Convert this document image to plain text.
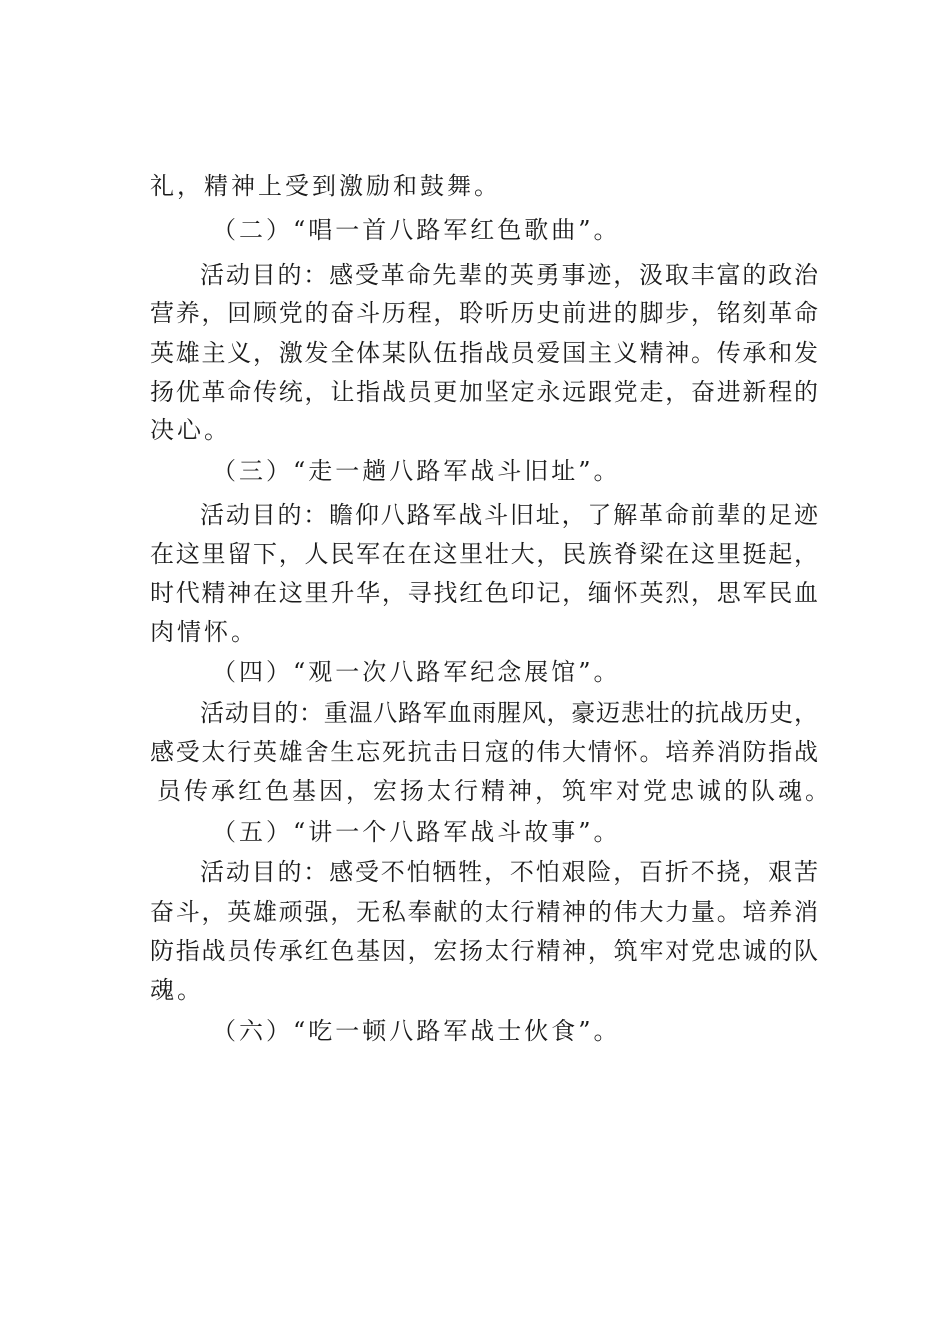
礼，精神上受到激励和鼓舞。
（二）“唱一首八路军红色歌曲”。
活动目的：感受革命先辈的英勇事迹，汲取丰富的政治
营养，回顾党的奋斗历程，聆听历史前进的脚步，铭刻革命
英雄主义，激发全体某队伍指战员爱国主义精神。传承和发
扬优革命传统，让指战员更加坚定永远跟党走，奋进新程的
决心。
（三）“走一趟八路军战斗旧址”。
活动目的：瞻仰八路军战斗旧址，了解革命前辈的足迹
在这里留下，人民军在在这里壮大，民族脊梁在这里挺起，
时代精神在这里升华，寻找红色印记，缅怀英烈，思军民血
肉情怀。
（四）“观一次八路军纪念展馆”。
活动目的：重温八路军血雨腥风，豪迈悲壮的抗战历史，
感受太行英雄舍生忘死抗击日寇的伟大情怀。培养消防指战
员传承红色基因，宏扬太行精神，筑牢对党忠诚的队魂。
（五）“讲一个八路军战斗故事”。
活动目的：感受不怕牺牲，不怕艰险，百折不挠，艰苦
奋斗，英雄顽强，无私奉献的太行精神的伟大力量。培养消
防指战员传承红色基因，宏扬太行精神，筑牢对党忠诚的队
魂。
（六）“吃一顿八路军战士伙食”。
